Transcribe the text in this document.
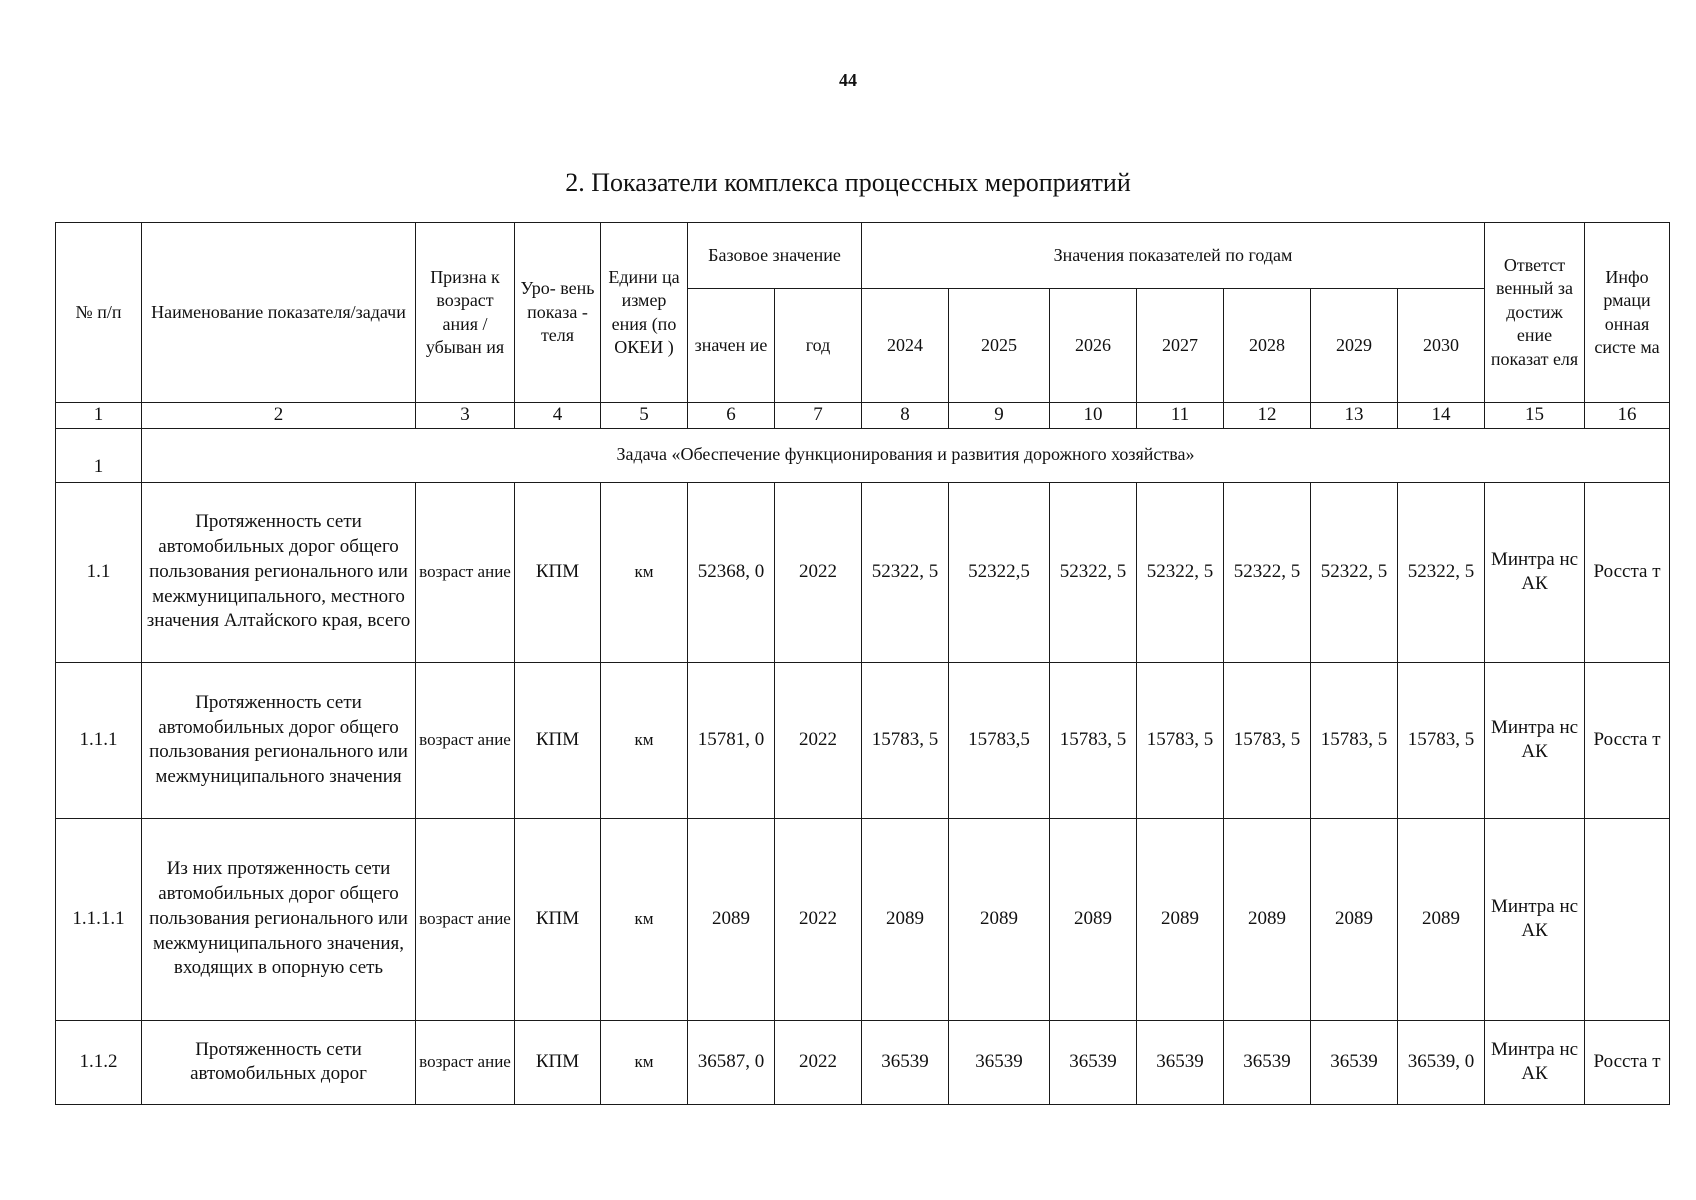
44
2. Показатели комплекса процессных мероприятий
№ п/п	Наименование показателя/задачи	Призна к возраст ания /убыван ия	Уро- вень показа - теля	Едини ца измер ения (по ОКЕИ )	Базовое значение		Значения показателей по годам							Ответст венный за достиж ение показат еля	Инфо рмаци онная систе ма
					значен ие	год	2024	2025	2026	2027	2028	2029	2030		
1	2	3	4	5	6	7	8	9	10	11	12	13	14	15	16
1	Задача «Обеспечение функционирования и развития дорожного хозяйства»														
1.1	Протяженность сети автомобильных дорог общего пользования регионального или межмуниципального, местного значения Алтайского края, всего	возраст ание	КПМ	км	52368, 0	2022	52322, 5	52322,5	52322, 5	52322, 5	52322, 5	52322, 5	52322, 5	Минтра нс АК	Росста т
1.1.1	Протяженность сети автомобильных дорог общего пользования регионального или межмуниципального значения	возраст ание	КПМ	км	15781, 0	2022	15783, 5	15783,5	15783, 5	15783, 5	15783, 5	15783, 5	15783, 5	Минтра нс АК	Росста т
1.1.1.1	Из них протяженность сети автомобильных дорог общего пользования регионального или межмуниципального значения, входящих в опорную сеть	возраст ание	КПМ	км	2089	2022	2089	2089	2089	2089	2089	2089	2089	Минтра нс АК	
1.1.2	Протяженность сети автомобильных дорог	возраст ание	КПМ	км	36587, 0	2022	36539	36539	36539	36539	36539	36539	36539, 0	Минтра нс АК	Росста т
